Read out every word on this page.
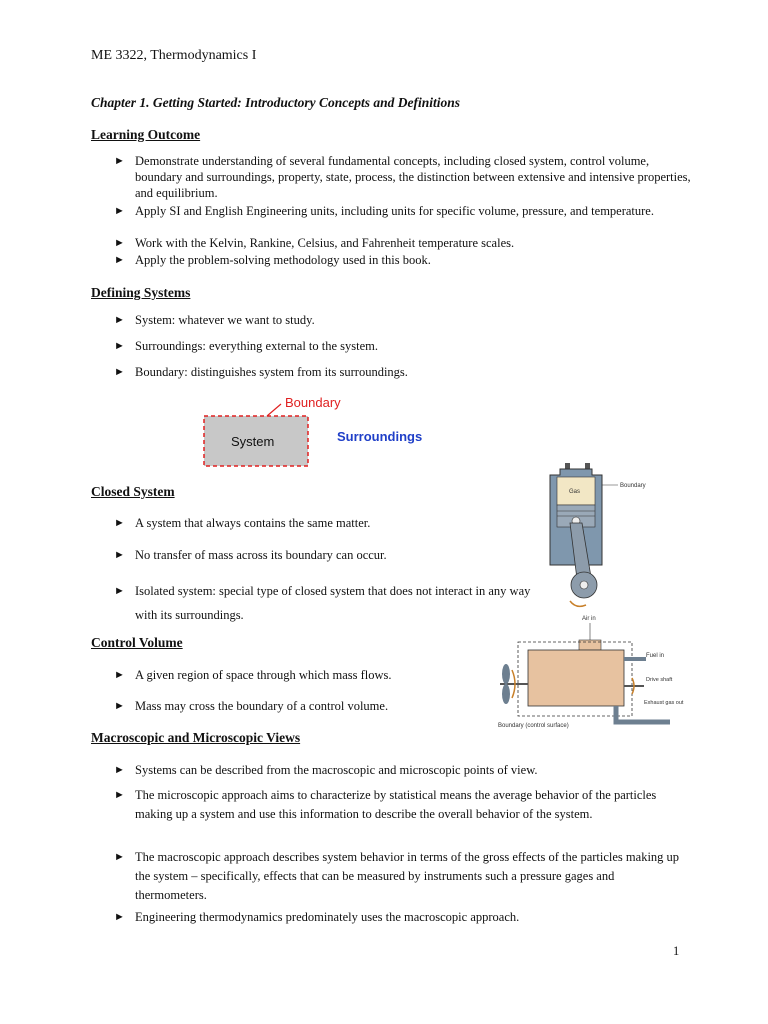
ME 3322, Thermodynamics I
Chapter 1. Getting Started: Introductory Concepts and Definitions
Learning Outcome
► Demonstrate understanding of several fundamental concepts, including closed system, control volume, boundary and surroundings, property, state, process, the distinction between extensive and intensive properties, and equilibrium.
► Apply SI and English Engineering units, including units for specific volume, pressure, and temperature.
► Work with the Kelvin, Rankine, Celsius, and Fahrenheit temperature scales.
► Apply the problem-solving methodology used in this book.
Defining Systems
► System: whatever we want to study.
► Surroundings: everything external to the system.
► Boundary: distinguishes system from its surroundings.
System
Boundary
Surroundings
Gas
Boundary
Closed System
► A system that always contains the same matter.
► No transfer of mass across its boundary can occur.
► Isolated system: special type of closed system that does not interact in any way with its surroundings.	Air in
Fuel in
Drive shaft
Exhaust gas out
Boundary (control surface)
Control Volume
► A given region of space through which mass flows.
► Mass may cross the boundary of a control volume.
Macroscopic and Microscopic Views
► Systems can be described from the macroscopic and microscopic points of view.
► The microscopic approach aims to characterize by statistical means the average behavior of the particles making up a system and use this information to describe the overall behavior of the system.
► The macroscopic approach describes system behavior in terms of the gross effects of the particles making up the system – specifically, effects that can be measured by instruments such a pressure gages and thermometers.
► Engineering thermodynamics predominately uses the macroscopic approach.
1
